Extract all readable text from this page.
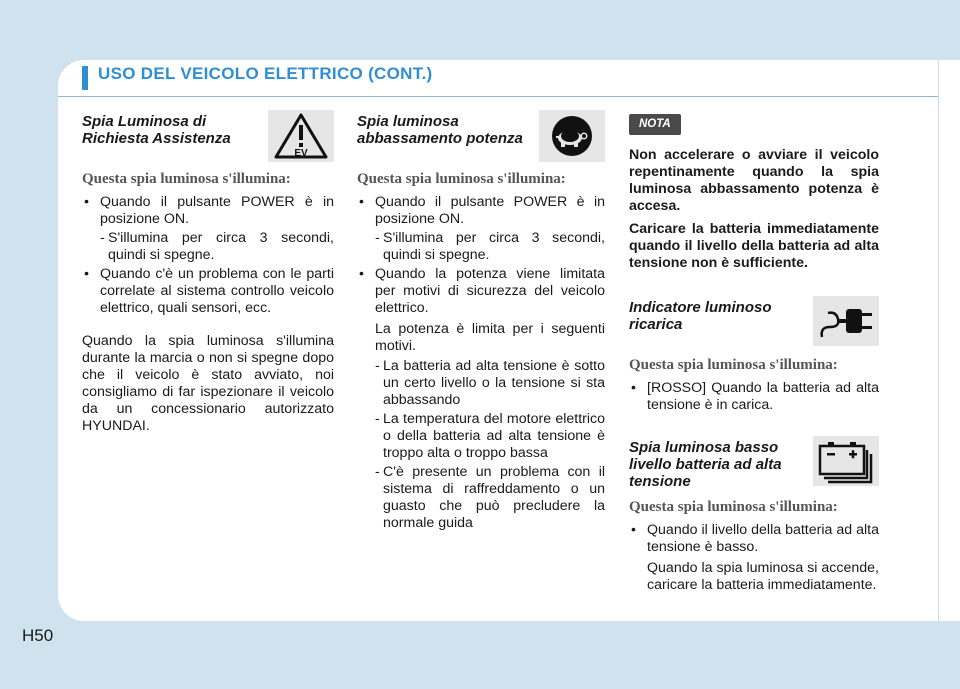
USO DEL VEICOLO ELETTRICO (CONT.)
Spia Luminosa di
Richiesta Assistenza
EV
Questa spia luminosa s'illumina:
• Quando il pulsante POWER è in posizione ON.
- S'illumina per circa 3 secondi, quindi si spegne.
• Quando c'è un problema con le parti correlate al sistema controllo veicolo elettrico, quali sensori, ecc.
Quando la spia luminosa s'illumina durante la marcia o non si spegne dopo che il veicolo è stato avviato, noi consigliamo di far ispezionare il veicolo da un concessionario autorizzato HYUNDAI.
Spia luminosa
abbassamento potenza
Questa spia luminosa s'illumina:
• Quando il pulsante POWER è in posizione ON.
- S'illumina per circa 3 secondi, quindi si spegne.
• Quando la potenza viene limitata per motivi di sicurezza del veicolo elettrico.
La potenza è limita per i seguenti motivi.
- La batteria ad alta tensione è sotto un certo livello o la tensione si sta abbassando
- La temperatura del motore elettrico o della batteria ad alta tensione è troppo alta o troppo bassa
- C'è presente un problema con il sistema di raffreddamento o un guasto che può precludere la normale guida
NOTA
Non accelerare o avviare il veicolo repentinamente quando la spia luminosa abbassamento potenza è accesa.
Caricare la batteria immediatamente quando il livello della batteria ad alta tensione non è sufficiente.
Indicatore luminoso
ricarica
Questa spia luminosa s'illumina:
• [ROSSO] Quando la batteria ad alta tensione è in carica.
Spia luminosa basso
livello batteria ad alta
tensione
Questa spia luminosa s'illumina:
• Quando il livello della batteria ad alta tensione è basso.
Quando la spia luminosa si accende, caricare la batteria immediatamente.
H50
